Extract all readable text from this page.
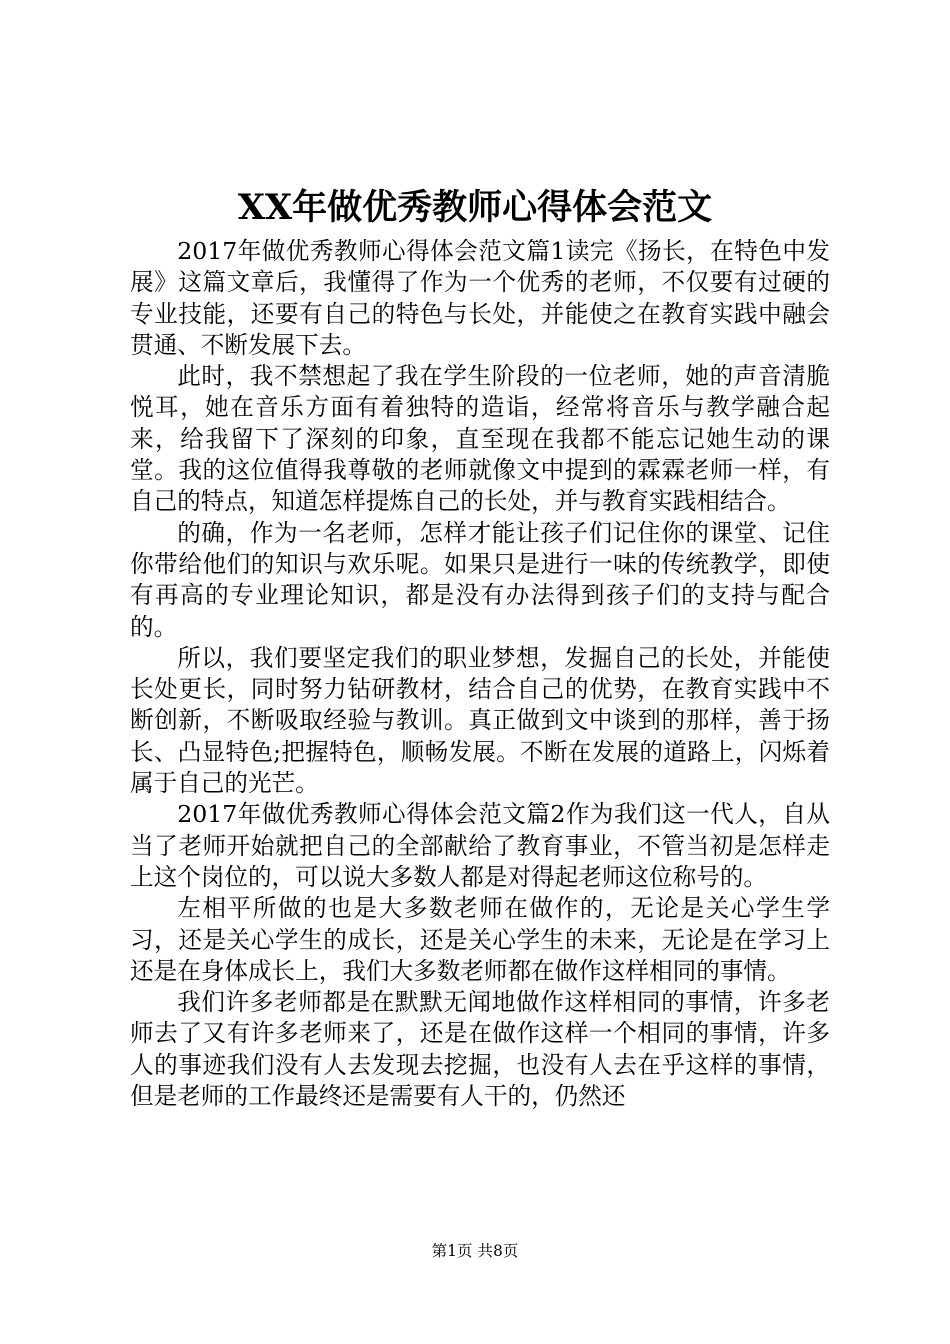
XX年做优秀教师心得体会范文

2017年做优秀教师心得体会范文篇1读完《扬长，在特色中发展》这篇文章后，我懂得了作为一个优秀的老师，不仅要有过硬的专业技能，还要有自己的特色与长处，并能使之在教育实践中融会贯通、不断发展下去。

此时，我不禁想起了我在学生阶段的一位老师，她的声音清脆悦耳，她在音乐方面有着独特的造诣，经常将音乐与教学融合起来，给我留下了深刻的印象，直至现在我都不能忘记她生动的课堂。我的这位值得我尊敬的老师就像文中提到的霖霖老师一样，有自己的特点，知道怎样提炼自己的长处，并与教育实践相结合。

的确，作为一名老师，怎样才能让孩子们记住你的课堂、记住你带给他们的知识与欢乐呢。如果只是进行一味的传统教学，即使有再高的专业理论知识，都是没有办法得到孩子们的支持与配合的。

所以，我们要坚定我们的职业梦想，发掘自己的长处，并能使长处更长，同时努力钻研教材，结合自己的优势，在教育实践中不断创新，不断吸取经验与教训。真正做到文中谈到的那样，善于扬长、凸显特色;把握特色，顺畅发展。不断在发展的道路上，闪烁着属于自己的光芒。

2017年做优秀教师心得体会范文篇2作为我们这一代人，自从当了老师开始就把自己的全部献给了教育事业，不管当初是怎样走上这个岗位的，可以说大多数人都是对得起老师这位称号的。

左相平所做的也是大多数老师在做作的，无论是关心学生学习，还是关心学生的成长，还是关心学生的未来，无论是在学习上还是在身体成长上，我们大多数老师都在做作这样相同的事情。

我们许多老师都是在默默无闻地做作这样相同的事情，许多老师去了又有许多老师来了，还是在做作这样一个相同的事情，许多人的事迹我们没有人去发现去挖掘，也没有人去在乎这样的事情，但是老师的工作最终还是需要有人干的，仍然还

第1页 共8页
